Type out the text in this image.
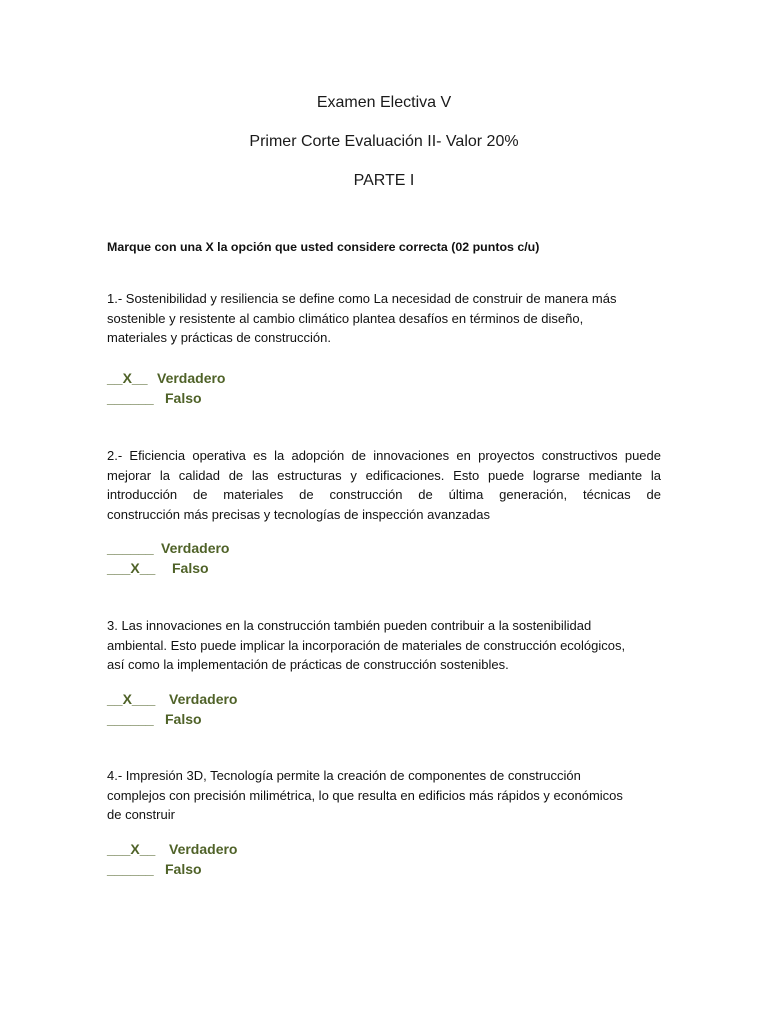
Examen Electiva V
Primer Corte Evaluación II- Valor 20%
PARTE I
Marque con una X la opción que usted considere correcta (02 puntos c/u)
1.- Sostenibilidad y resiliencia se define como La necesidad de construir de manera más
sostenible y resistente al cambio climático plantea desafíos en términos de diseño,
materiales y prácticas de construcción.
__X__ Verdadero
______ Falso
2.- Eficiencia operativa es la adopción de innovaciones en proyectos constructivos puede
mejorar la calidad de las estructuras y edificaciones. Esto puede lograrse mediante la
introducción de materiales de construcción de última generación, técnicas de
construcción más precisas y tecnologías de inspección avanzadas
______ Verdadero
___X__ Falso
3. Las innovaciones en la construcción también pueden contribuir a la sostenibilidad
ambiental. Esto puede implicar la incorporación de materiales de construcción ecológicos,
así como la implementación de prácticas de construcción sostenibles.
__X___ Verdadero
______ Falso
4.- Impresión 3D, Tecnología permite la creación de componentes de construcción
complejos con precisión milimétrica, lo que resulta en edificios más rápidos y económicos
de construir
___X__ Verdadero
______ Falso
